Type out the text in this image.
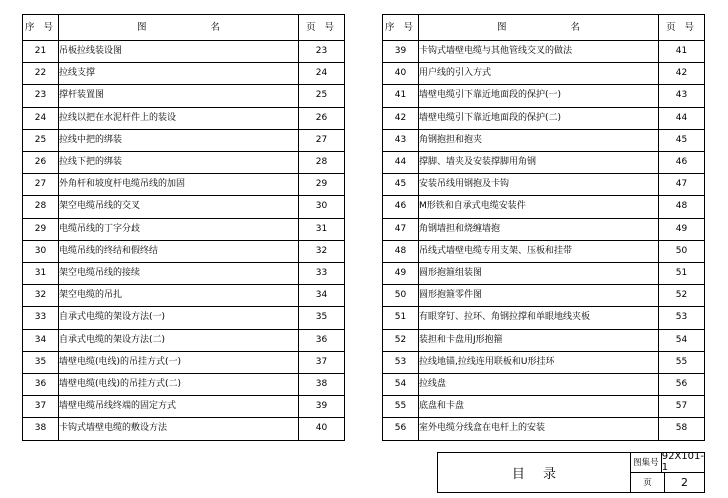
序 号	图 名	页 号
21	吊板拉线装设图	23
22	拉线支撑	24
23	撑杆装置图	25
24	拉线以把在水泥杆件上的装设	26
25	拉线中把的绑装	27
26	拉线下把的绑装	28
27	外角杆和坡度杆电缆吊线的加固	29
28	架空电缆吊线的交叉	30
29	电缆吊线的丁字分歧	31
30	电缆吊线的终结和假终结	32
31	架空电缆吊线的接续	33
32	架空电缆的吊扎	34
33	自承式电缆的架设方法(一)	35
34	自承式电缆的架设方法(二)	36
35	墙壁电缆(电线)的吊挂方式(一)	37
36	墙壁电缆(电线)的吊挂方式(二)	38
37	墙壁电缆吊线终端的固定方式	39
38	卡钩式墙壁电缆的敷设方法	40
序 号	图 名	页 号
39	卡钩式墙壁电缆与其他管线交叉的做法	41
40	用户线的引入方式	42
41	墙壁电缆引下靠近地面段的保护(一)	43
42	墙壁电缆引下靠近地面段的保护(二)	44
43	角钢抱担和抱夹	45
44	撑脚、墙夹及安装撑脚用角钢	46
45	安装吊线用钢抱及卡钩	47
46	M形铁和自承式电缆安装件	48
47	角钢墙担和烧缠墙抱	49
48	吊线式墙壁电缆专用支架、压板和挂带	50
49	圆形抱箍组装图	51
50	圆形抱箍零件图	52
51	有眼穿钉、拉环、角钢拉撑和单眼地线夹板	53
52	装担和卡盘用J形抱箍	54
53	拉线地锚,拉线连用联板和U形挂环	55
54	拉线盘	56
55	底盘和卡盘	57
56	室外电缆分线盒在电杆上的安装	58
目 录
图集号
92X101-1
页	2
